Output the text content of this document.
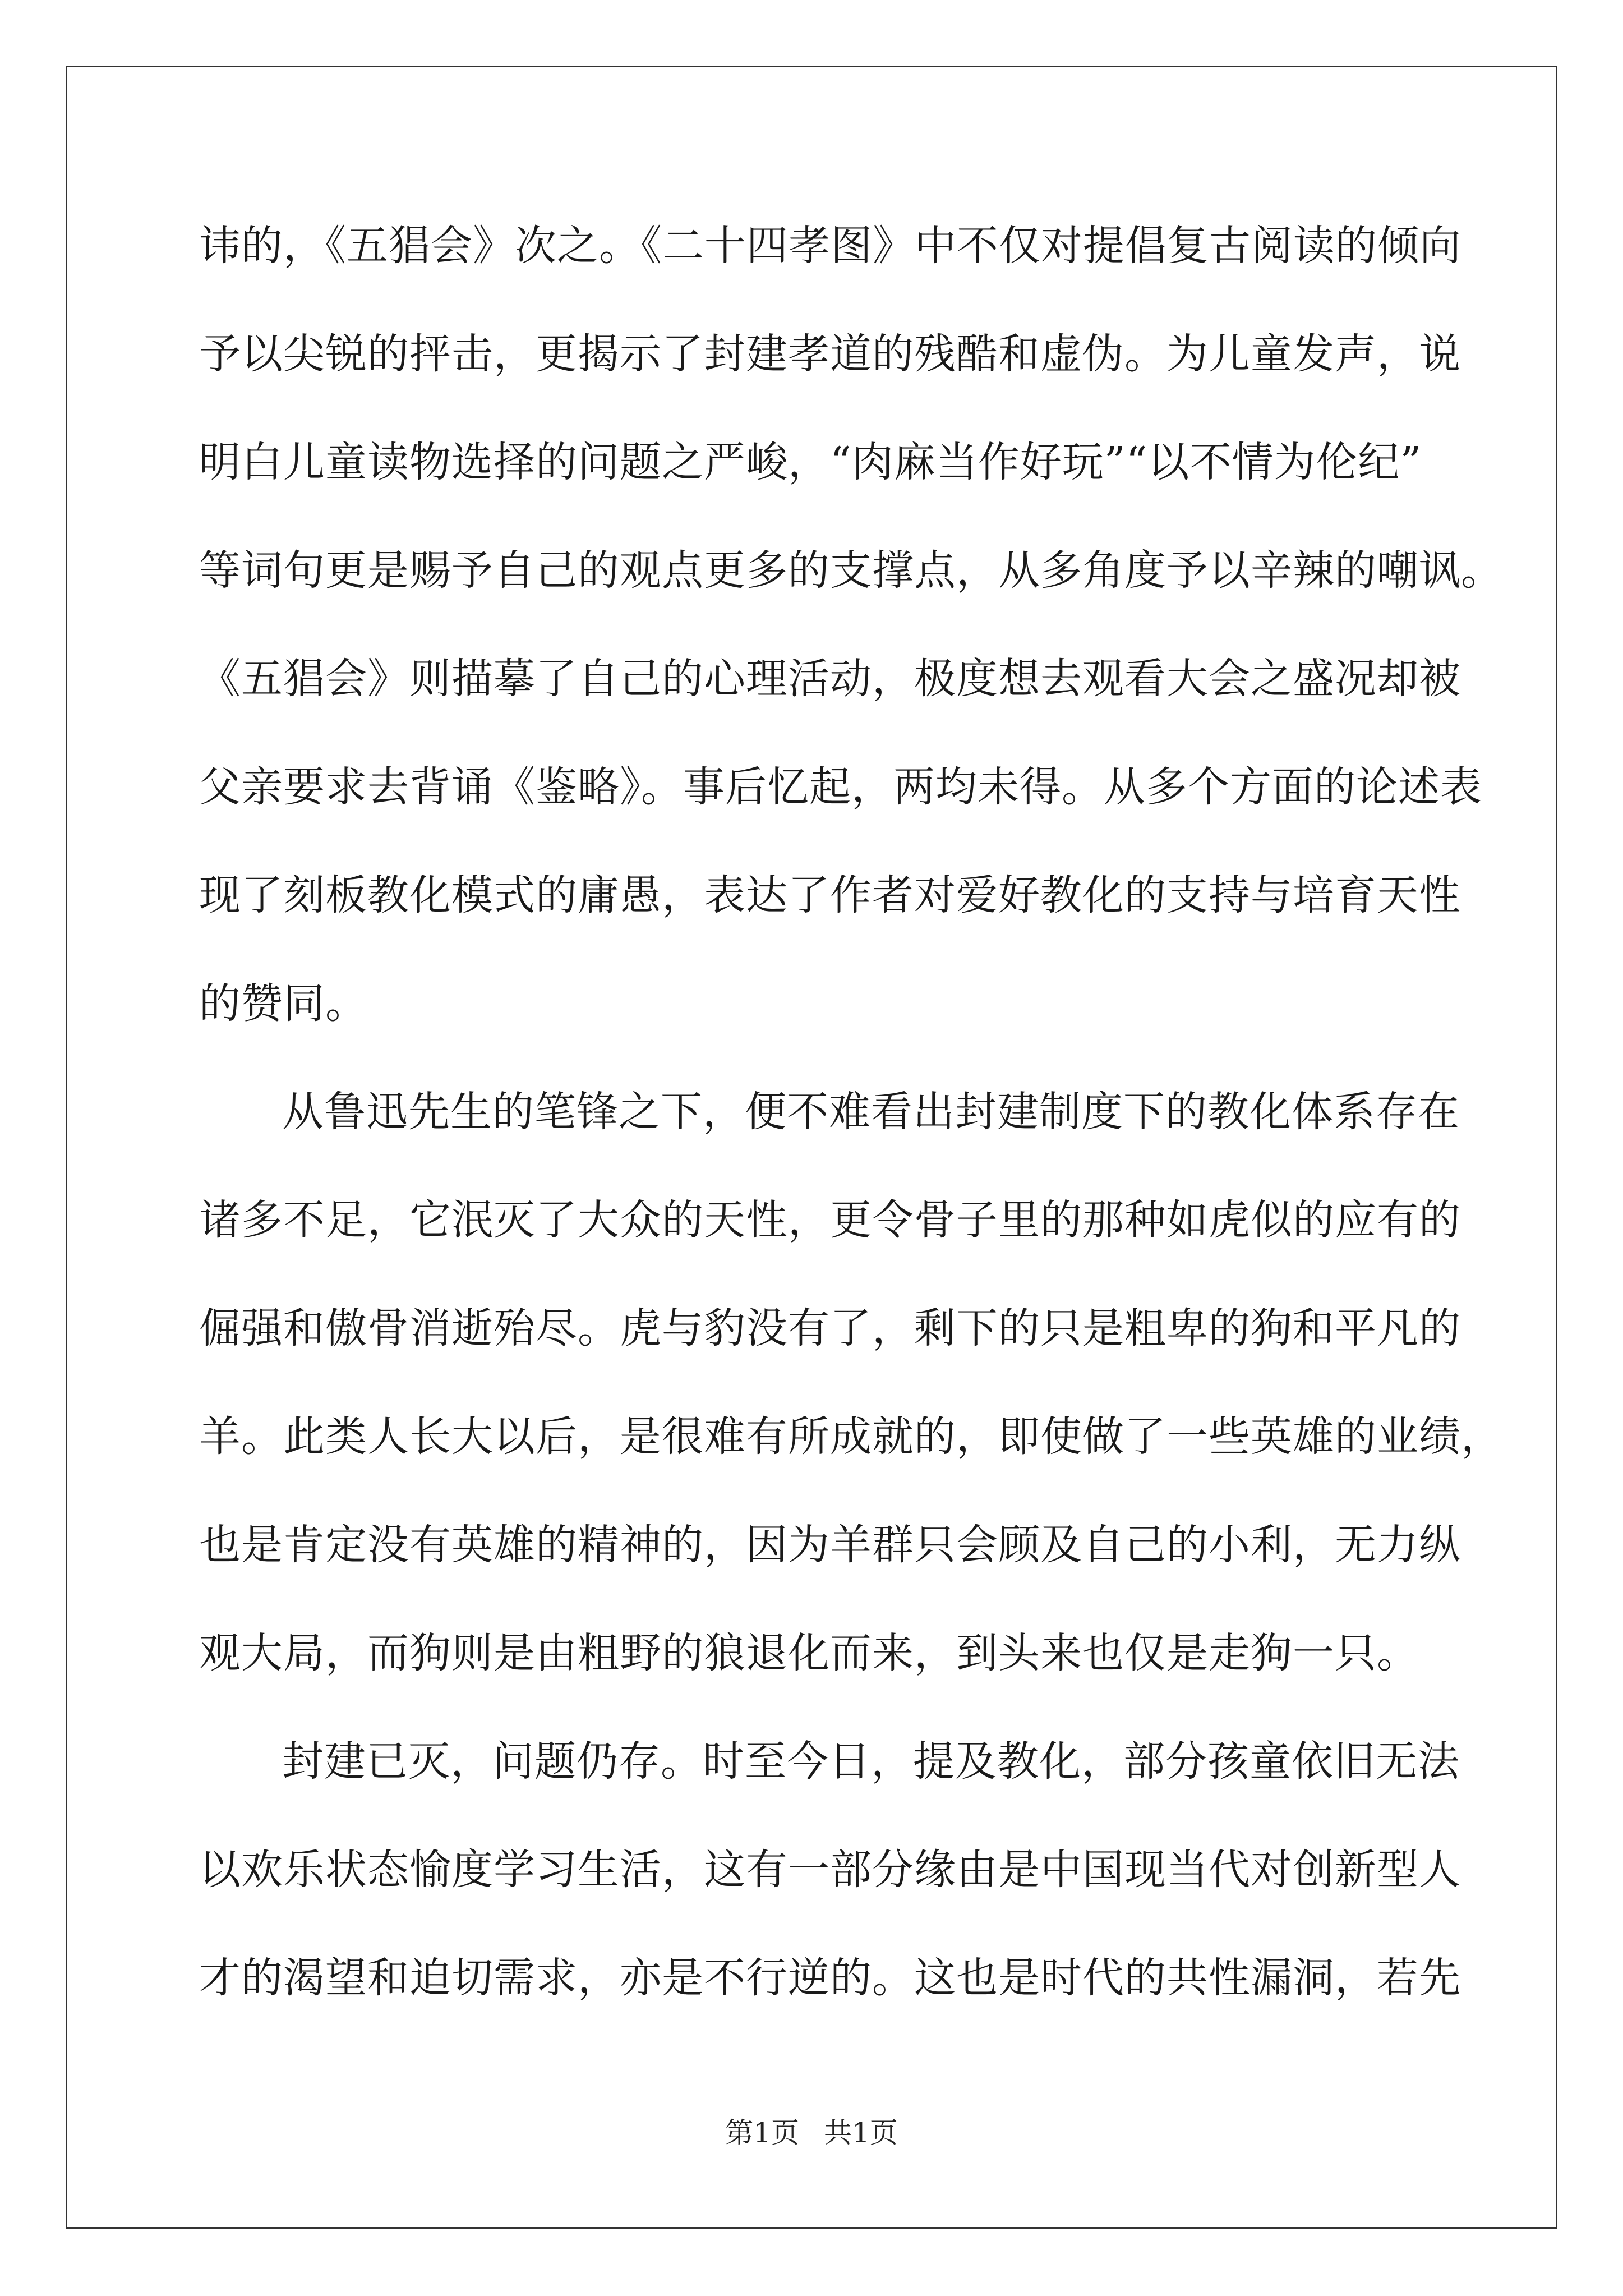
讳的，《五猖会》次之。《二十四孝图》中不仅对提倡复古阅读的倾向
予以尖锐的抨击，更揭示了封建孝道的残酷和虚伪。为儿童发声，说
明白儿童读物选择的问题之严峻，“肉麻当作好玩”“以不情为伦纪”
等词句更是赐予自己的观点更多的支撑点，从多角度予以辛辣的嘲讽。
《五猖会》则描摹了自己的心理活动，极度想去观看大会之盛况却被
父亲要求去背诵《鉴略》。事后忆起，两均未得。从多个方面的论述表
现了刻板教化模式的庸愚，表达了作者对爱好教化的支持与培育天性
的赞同。
从鲁迅先生的笔锋之下，便不难看出封建制度下的教化体系存在
诸多不足，它泯灭了大众的天性，更令骨子里的那种如虎似的应有的
倔强和傲骨消逝殆尽。虎与豹没有了，剩下的只是粗卑的狗和平凡的
羊。此类人长大以后，是很难有所成就的，即使做了一些英雄的业绩，
也是肯定没有英雄的精神的，因为羊群只会顾及自己的小利，无力纵
观大局，而狗则是由粗野的狼退化而来，到头来也仅是走狗一只。
封建已灭，问题仍存。时至今日，提及教化，部分孩童依旧无法
以欢乐状态愉度学习生活，这有一部分缘由是中国现当代对创新型人
才的渴望和迫切需求，亦是不行逆的。这也是时代的共性漏洞，若先
第1页 共1页
